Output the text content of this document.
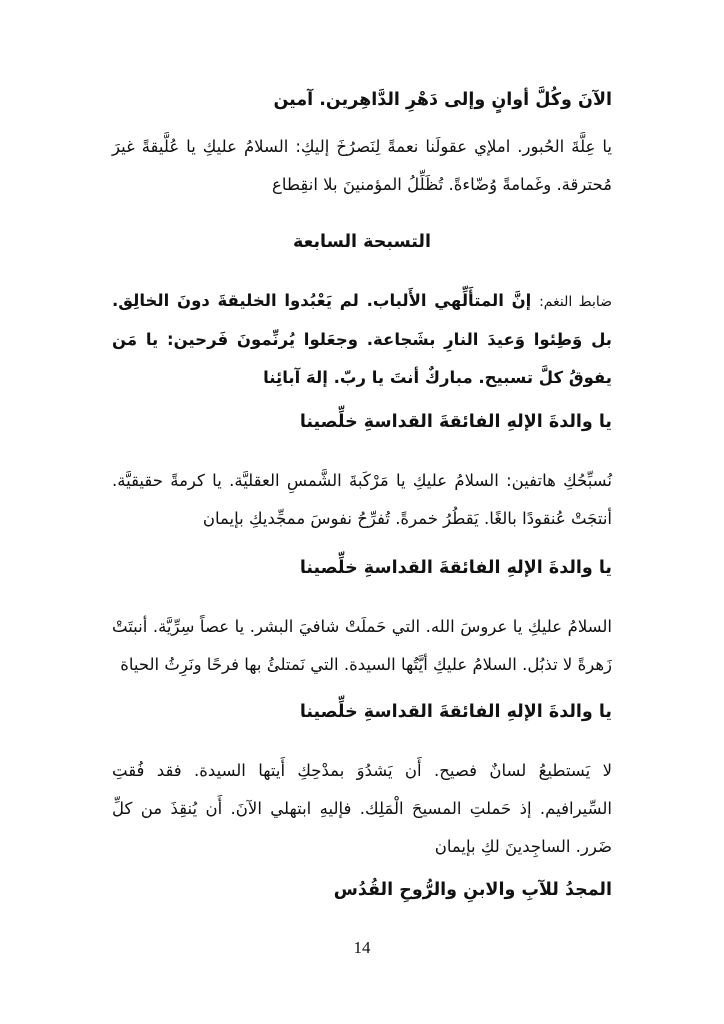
الآنَ وكُلَّ أوانٍ وإلى دَهْرِ الدَّاهِرين. آمين
يا عِلَّةَ الحُبور. املإي عقولَنا نعمةً لِنَصرُخَ إليكِ: السلامُ عليكِ يا عُلَّيقةً غيرَ مُحترقة. وغَمامةً وُضّاءةً. تُظَلِّلُ المؤمنينَ بلا انقِطاع
التسبحة السابعة
ضابط النغم: إنَّ المتأَلِّهي الأَلباب. لم يَعْبُدوا الخليقةَ دونَ الخالِق. بل وَطِئوا وَعيدَ النارِ بشَجاعة. وجعَلوا يُرنِّمونَ فَرحين: يا مَن يفوقُ كلَّ تسبيح. مباركٌ أنتَ يا ربّ. إلهَ آبائِنا
يا والدةَ الإلهِ الفائقةَ القداسةِ خلِّصينا
نُسبِّحُكِ هاتفين: السلامُ عليكِ يا مَرْكَبةَ الشَّمسِ العقليَّة. يا كرمةً حقيقيَّة. أنتجَتْ عُنقودًا بالغًا. يَقطُرُ خمرةً. تُفرِّحُ نفوسَ ممجِّديكِ بإيمان
يا والدةَ الإلهِ الفائقةَ القداسةِ خلِّصينا
السلامُ عليكِ يا عروسَ الله. التي حَملَتْ شافيَ البشر. يا عصاً سِرِّيَّة. أنبتَتْ زَهرةً لا تذبُل. السلامُ عليكِ أيَّتُها السيدة. التي نَمتلئُ بها فرحًا ونَرِثُ الحياة
يا والدةَ الإلهِ الفائقةَ القداسةِ خلِّصينا
لا يَستطيعُ لسانٌ فصيح. أَن يَشدُوَ بمدْحِكِ أَيتها السيدة. فقد فُقتِ السِّيرافيم. إذ حَملتِ المسيحَ الْمَلِك. فإليهِ ابتهلي الآنَ. أَن يُنقِذَ من كلِّ ضَرر. الساجِدينَ لكِ بإيمان
المجدُ للآبِ والابنِ والرُّوحِ القُدُس
14
